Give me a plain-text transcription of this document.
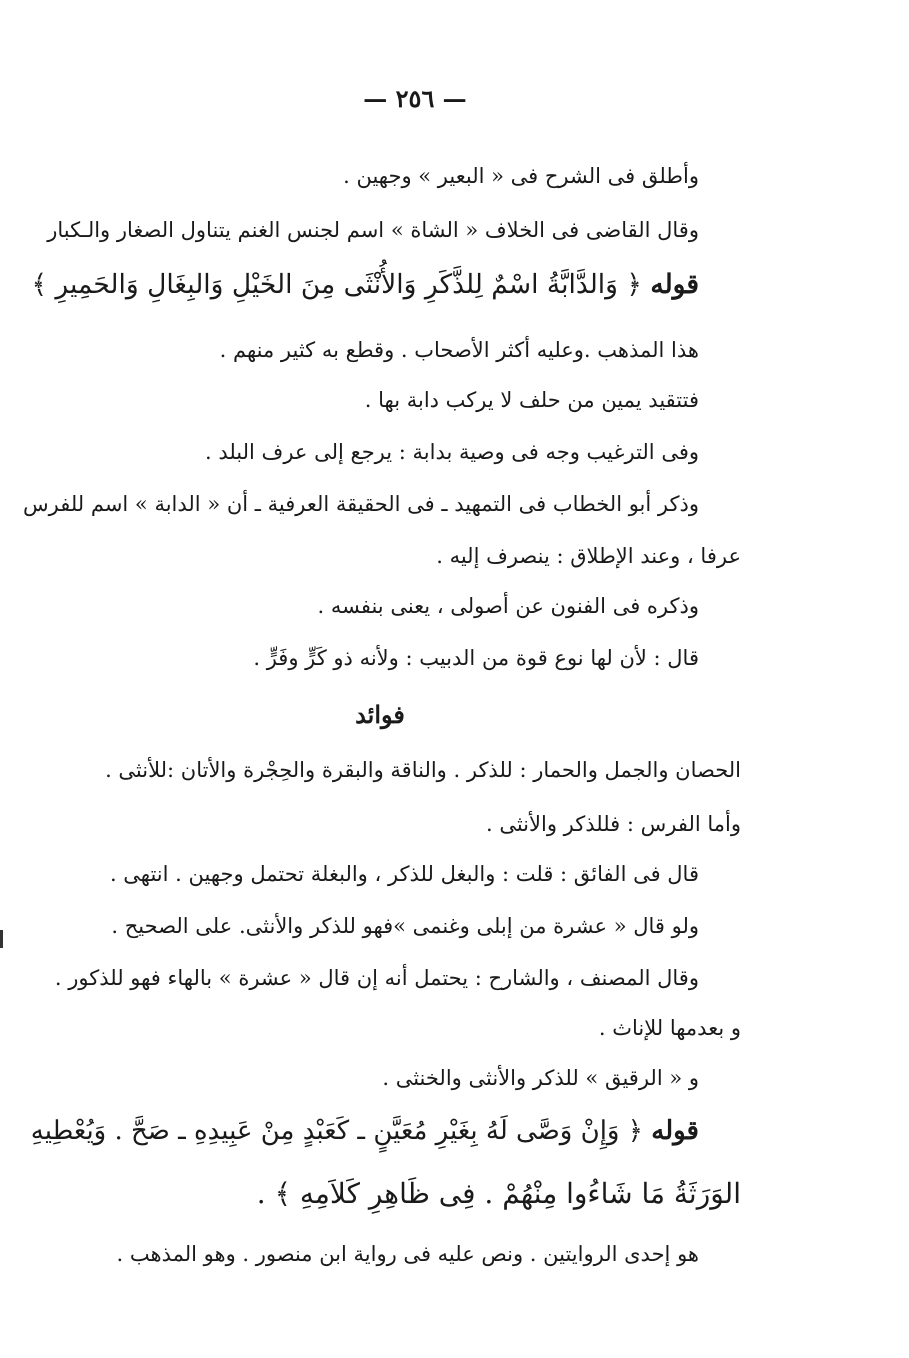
— ٢٥٦ —
وأطلق فى الشرح فى « البعير » وجهين .
وقال القاضى فى الخلاف « الشاة » اسم لجنس الغنم يتناول الصغار والـكبار
قوله ﴿ وَالدَّابَّةُ اسْمٌ لِلذَّكَرِ وَالأُنْثَى مِنَ الخَيْلِ وَالبِغَالِ وَالحَمِيرِ ﴾
هذا المذهب .وعليه أكثر الأصحاب . وقطع به كثير منهم .
فتتقيد يمين من حلف لا يركب دابة بها .
وفى الترغيب وجه فى وصية بدابة : يرجع إلى عرف البلد .
وذكر أبو الخطاب فى التمهيد ـ فى الحقيقة العرفية ـ أن « الدابة » اسم للفرس
عرفا ، وعند الإطلاق : ينصرف إليه .
وذكره فى الفنون عن أصولى ، يعنى بنفسه .
قال : لأن لها نوع قوة من الدبيب : ولأنه ذو كَرٍّ وفَرٍّ .
فوائد
الحصان والجمل والحمار : للذكر . والناقة والبقرة والحِجْرة والأتان :للأنثى .
وأما الفرس : فللذكر والأنثى .
قال فى الفائق : قلت : والبغل للذكر ، والبغلة تحتمل وجهين . انتهى .
ولو قال « عشرة من إبلى وغنمى »فهو للذكر والأنثى. على الصحيح .
وقال المصنف ، والشارح : يحتمل أنه إن قال « عشرة » بالهاء فهو للذكور .
و بعدمها للإناث .
و « الرقيق » للذكر والأنثى والخنثى .
قوله ﴿ وَإِنْ وَصَّى لَهُ بِغَيْرِ مُعَيَّنٍ ـ كَعَبْدٍ مِنْ عَبِيدِهِ ـ صَحَّ . وَيُعْطِيهِ
الوَرَثَةُ مَا شَاءُوا مِنْهُمْ . فِى ظَاهِرِ كَلاَمِهِ ﴾ .
هو إحدى الروايتين . ونص عليه فى رواية ابن منصور . وهو المذهب .
